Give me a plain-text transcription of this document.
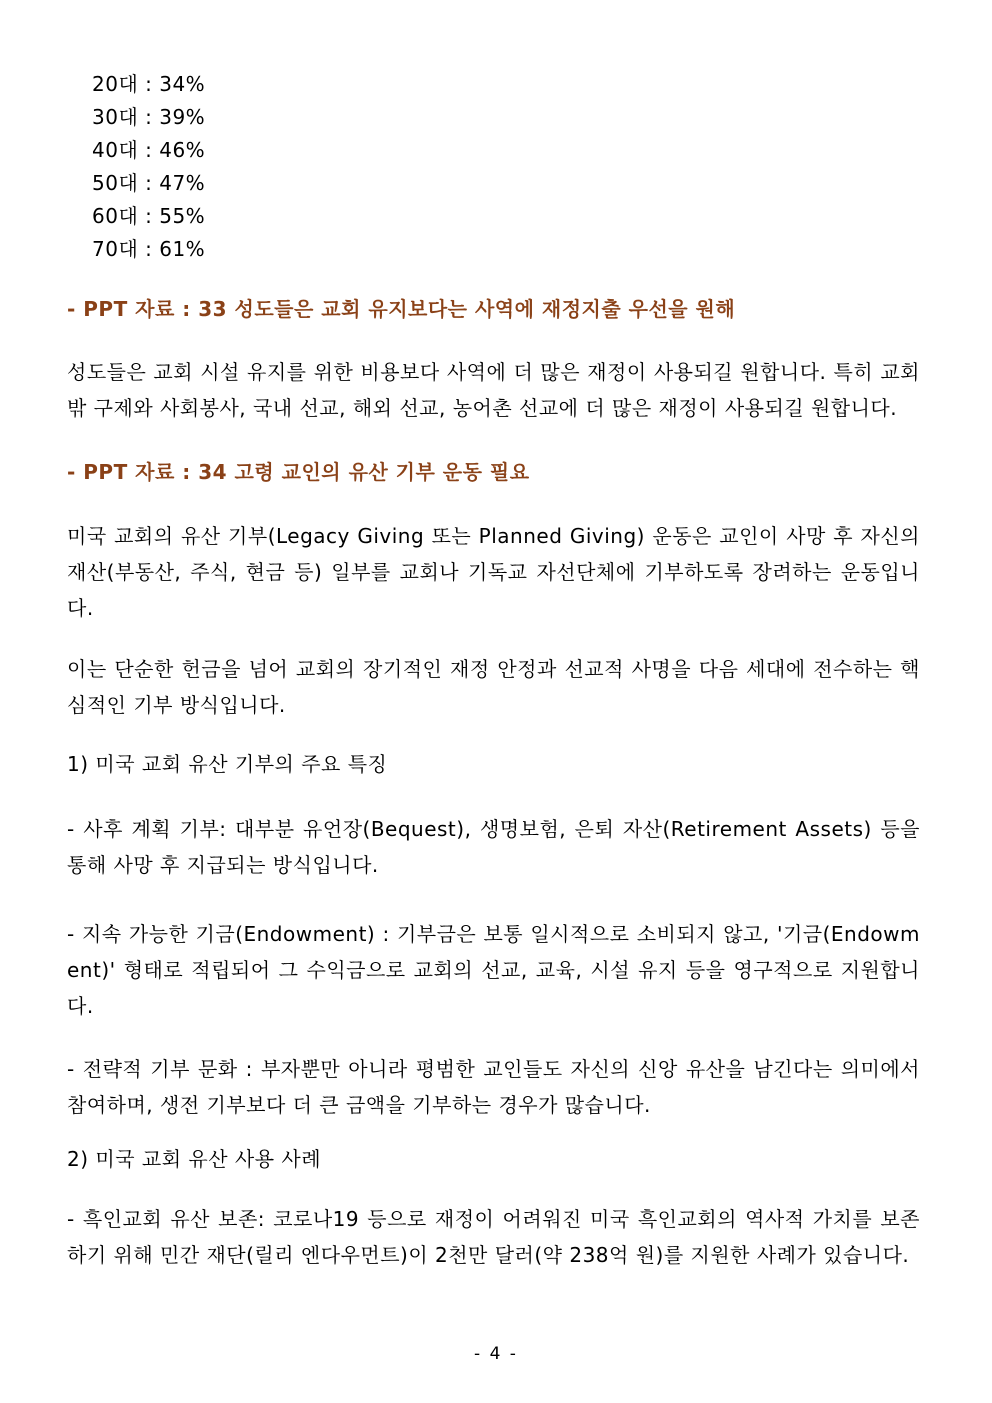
20대 : 34%
30대 : 39%
40대 : 46%
50대 : 47%
60대 : 55%
70대 : 61%
- PPT 자료 : 33 성도들은 교회 유지보다는 사역에 재정지출 우선을 원해
성도들은 교회 시설 유지를 위한 비용보다 사역에 더 많은 재정이 사용되길 원합니다. 특히 교회 밖 구제와 사회봉사, 국내 선교, 해외 선교, 농어촌 선교에 더 많은 재정이 사용되길 원합니다.
- PPT 자료 : 34 고령 교인의 유산 기부 운동 필요
미국 교회의 유산 기부(Legacy Giving 또는 Planned Giving) 운동은 교인이 사망 후 자신의 재산(부동산, 주식, 현금 등) 일부를 교회나 기독교 자선단체에 기부하도록 장려하는 운동입니다.
이는 단순한 헌금을 넘어 교회의 장기적인 재정 안정과 선교적 사명을 다음 세대에 전수하는 핵심적인 기부 방식입니다.
1) 미국 교회 유산 기부의 주요 특징
- 사후 계획 기부: 대부분 유언장(Bequest), 생명보험, 은퇴 자산(Retirement Assets) 등을 통해 사망 후 지급되는 방식입니다.
- 지속 가능한 기금(Endowment) : 기부금은 보통 일시적으로 소비되지 않고, '기금(Endowment)' 형태로 적립되어 그 수익금으로 교회의 선교, 교육, 시설 유지 등을 영구적으로 지원합니다.
- 전략적 기부 문화 : 부자뿐만 아니라 평범한 교인들도 자신의 신앙 유산을 남긴다는 의미에서 참여하며, 생전 기부보다 더 큰 금액을 기부하는 경우가 많습니다.
2) 미국 교회 유산 사용 사례
- 흑인교회 유산 보존: 코로나19 등으로 재정이 어려워진 미국 흑인교회의 역사적 가치를 보존하기 위해 민간 재단(릴리 엔다우먼트)이 2천만 달러(약 238억 원)를 지원한 사례가 있습니다.
- 4 -
